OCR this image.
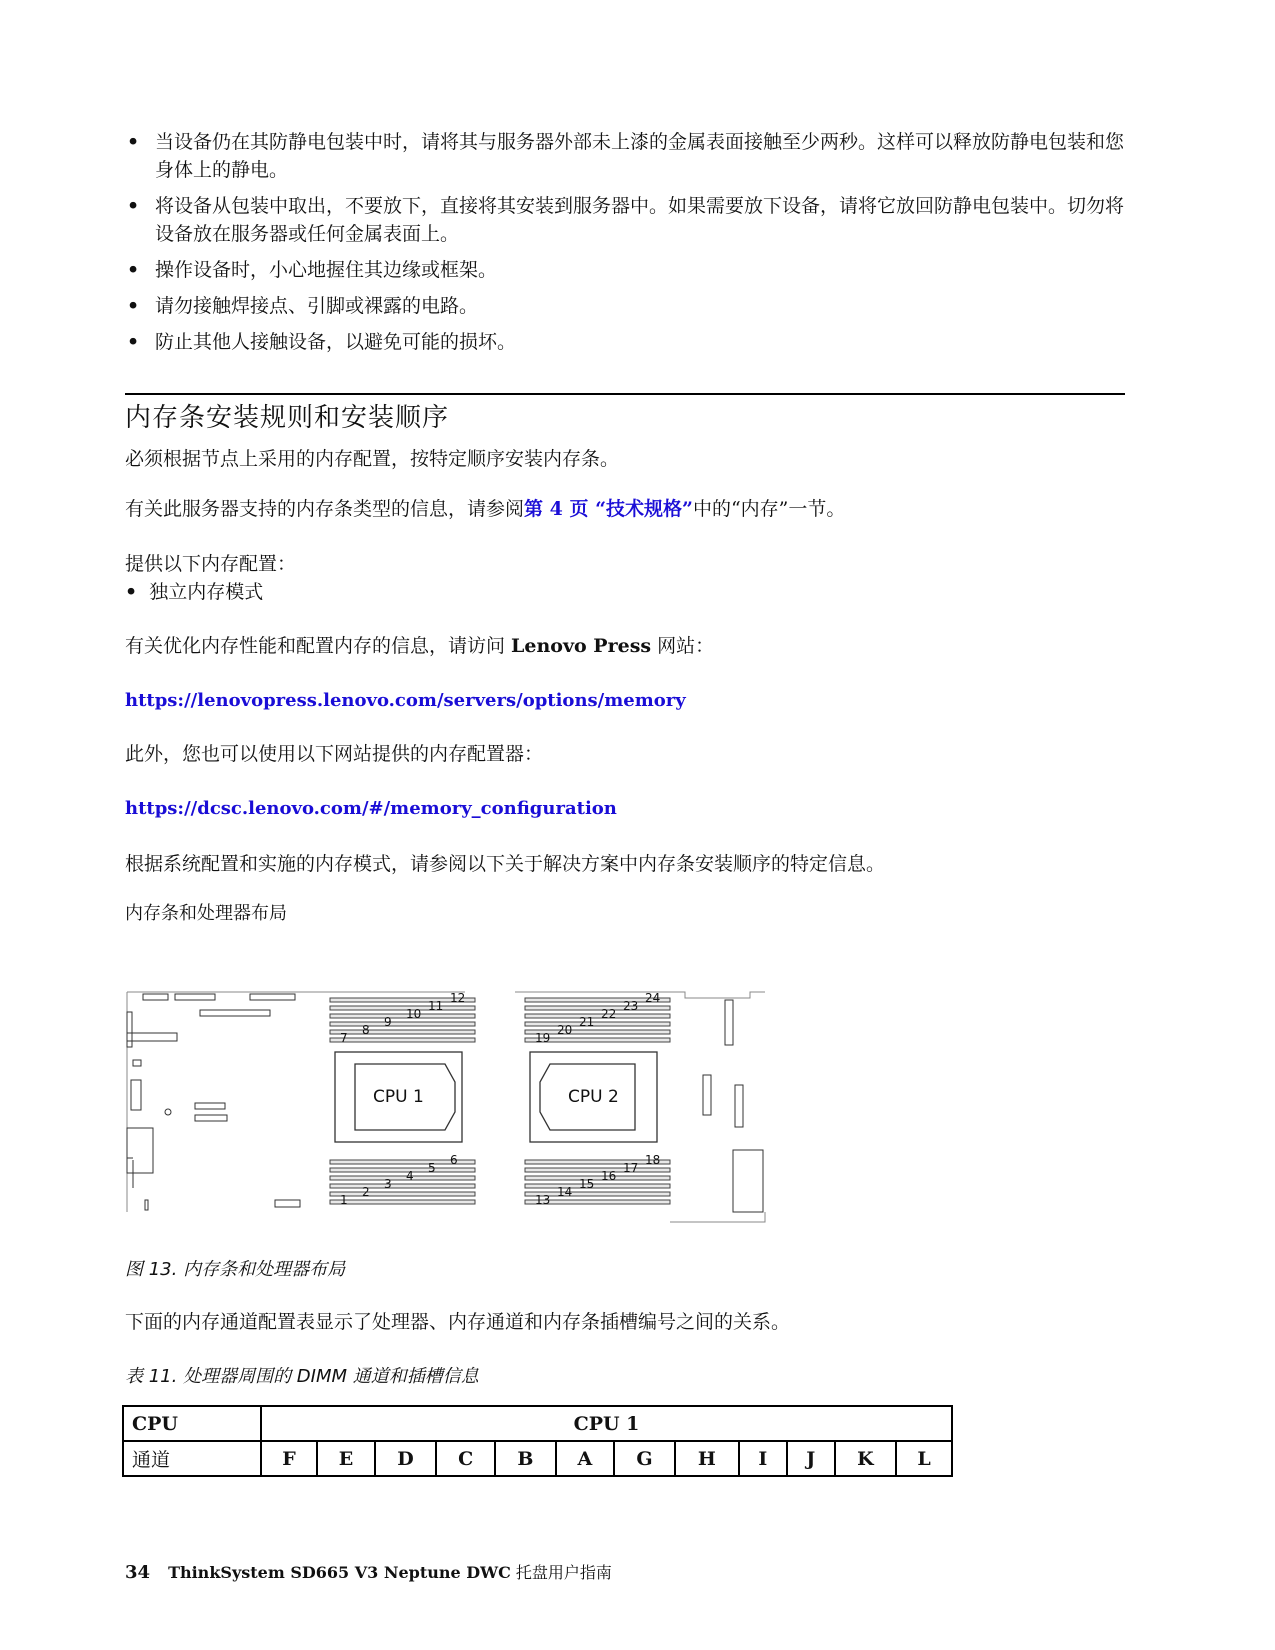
• 当设备仍在其防静电包装中时，请将其与服务器外部未上漆的金属表面接触至少两秒。这样可以释放防静电包装和您身体上的静电。
• 将设备从包装中取出，不要放下，直接将其安装到服务器中。如果需要放下设备，请将它放回防静电包装中。切勿将设备放在服务器或任何金属表面上。
• 操作设备时，小心地握住其边缘或框架。
• 请勿接触焊接点、引脚或裸露的电路。
• 防止其他人接触设备，以避免可能的损坏。
内存条安装规则和安装顺序

必须根据节点上采用的内存配置，按特定顺序安装内存条。

有关此服务器支持的内存条类型的信息，请参阅第 4 页 “技术规格”中的“内存”一节。

提供以下内存配置：

• 独立内存模式

有关优化内存性能和配置内存的信息，请访问 Lenovo Press 网站：

https://lenovopress.lenovo.com/servers/options/memory

此外，您也可以使用以下网站提供的内存配置器：

https://dcsc.lenovo.com/#/memory_configuration

根据系统配置和实施的内存模式，请参阅以下关于解决方案中内存条安装顺序的特定信息。

内存条和处理器布局

CPU 1	CPU 2
12
11
10
9
8
7
24
23
22
21
20
19
6
5
4
3
2
1
18
17
16
15
14
13

图 13. 内存条和处理器布局

下面的内存通道配置表显示了处理器、内存通道和内存条插槽编号之间的关系。

表 11. 处理器周围的 DIMM 通道和插槽信息

CPU	CPU 1											
通道	F	E	D	C	B	A	G	H	I	J	K	L
34 ThinkSystem SD665 V3 Neptune DWC 托盘用户指南
